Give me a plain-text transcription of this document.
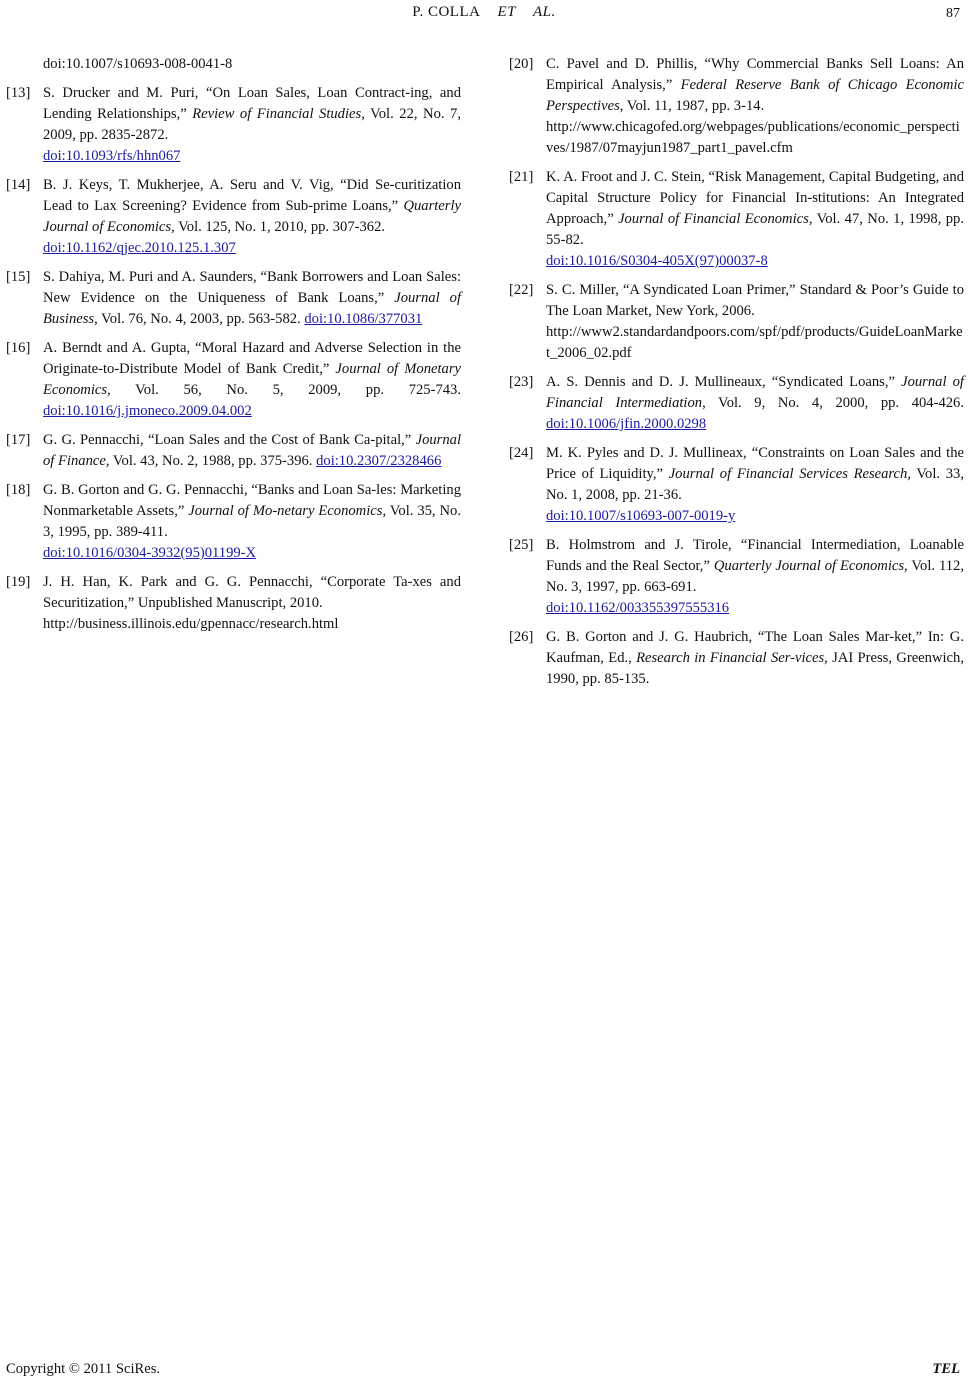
P. COLLA ET AL.	87
doi:10.1007/s10693-008-0041-8
[13] S. Drucker and M. Puri, “On Loan Sales, Loan Contract-ing, and Lending Relationships,” Review of Financial Studies, Vol. 22, No. 7, 2009, pp. 2835-2872.
doi:10.1093/rfs/hhn067
[14] B. J. Keys, T. Mukherjee, A. Seru and V. Vig, “Did Se-curitization Lead to Lax Screening? Evidence from Sub-prime Loans,” Quarterly Journal of Economics, Vol. 125, No. 1, 2010, pp. 307-362.
doi:10.1162/qjec.2010.125.1.307
[15] S. Dahiya, M. Puri and A. Saunders, “Bank Borrowers and Loan Sales: New Evidence on the Uniqueness of Bank Loans,” Journal of Business, Vol. 76, No. 4, 2003, pp. 563-582. doi:10.1086/377031
[16] A. Berndt and A. Gupta, “Moral Hazard and Adverse Selection in the Originate-to-Distribute Model of Bank Credit,” Journal of Monetary Economics, Vol. 56, No. 5, 2009, pp. 725-743. doi:10.1016/j.jmoneco.2009.04.002
[17] G. G. Pennacchi, “Loan Sales and the Cost of Bank Ca-pital,” Journal of Finance, Vol. 43, No. 2, 1988, pp. 375-396. doi:10.2307/2328466
[18] G. B. Gorton and G. G. Pennacchi, “Banks and Loan Sa-les: Marketing Nonmarketable Assets,” Journal of Mo-netary Economics, Vol. 35, No. 3, 1995, pp. 389-411.
doi:10.1016/0304-3932(95)01199-X
[19] J. H. Han, K. Park and G. G. Pennacchi, “Corporate Ta-xes and Securitization,” Unpublished Manuscript, 2010.
http://business.illinois.edu/gpennacc/research.html
[20] C. Pavel and D. Phillis, “Why Commercial Banks Sell Loans: An Empirical Analysis,” Federal Reserve Bank of Chicago Economic Perspectives, Vol. 11, 1987, pp. 3-14.
http://www.chicagofed.org/webpages/publications/economic_perspectives/1987/07mayjun1987_part1_pavel.cfm
[21] K. A. Froot and J. C. Stein, “Risk Management, Capital Budgeting, and Capital Structure Policy for Financial In-stitutions: An Integrated Approach,” Journal of Financial Economics, Vol. 47, No. 1, 1998, pp. 55-82.
doi:10.1016/S0304-405X(97)00037-8
[22] S. C. Miller, “A Syndicated Loan Primer,” Standard & Poor’s Guide to The Loan Market, New York, 2006.
http://www2.standardandpoors.com/spf/pdf/products/GuideLoanMarket_2006_02.pdf
[23] A. S. Dennis and D. J. Mullineaux, “Syndicated Loans,” Journal of Financial Intermediation, Vol. 9, No. 4, 2000, pp. 404-426. doi:10.1006/jfin.2000.0298
[24] M. K. Pyles and D. J. Mullineax, “Constraints on Loan Sales and the Price of Liquidity,” Journal of Financial Services Research, Vol. 33, No. 1, 2008, pp. 21-36.
doi:10.1007/s10693-007-0019-y
[25] B. Holmstrom and J. Tirole, “Financial Intermediation, Loanable Funds and the Real Sector,” Quarterly Journal of Economics, Vol. 112, No. 3, 1997, pp. 663-691.
doi:10.1162/003355397555316
[26] G. B. Gorton and J. G. Haubrich, “The Loan Sales Mar-ket,” In: G. Kaufman, Ed., Research in Financial Ser-vices, JAI Press, Greenwich, 1990, pp. 85-135.
Copyright © 2011 SciRes.	TEL
